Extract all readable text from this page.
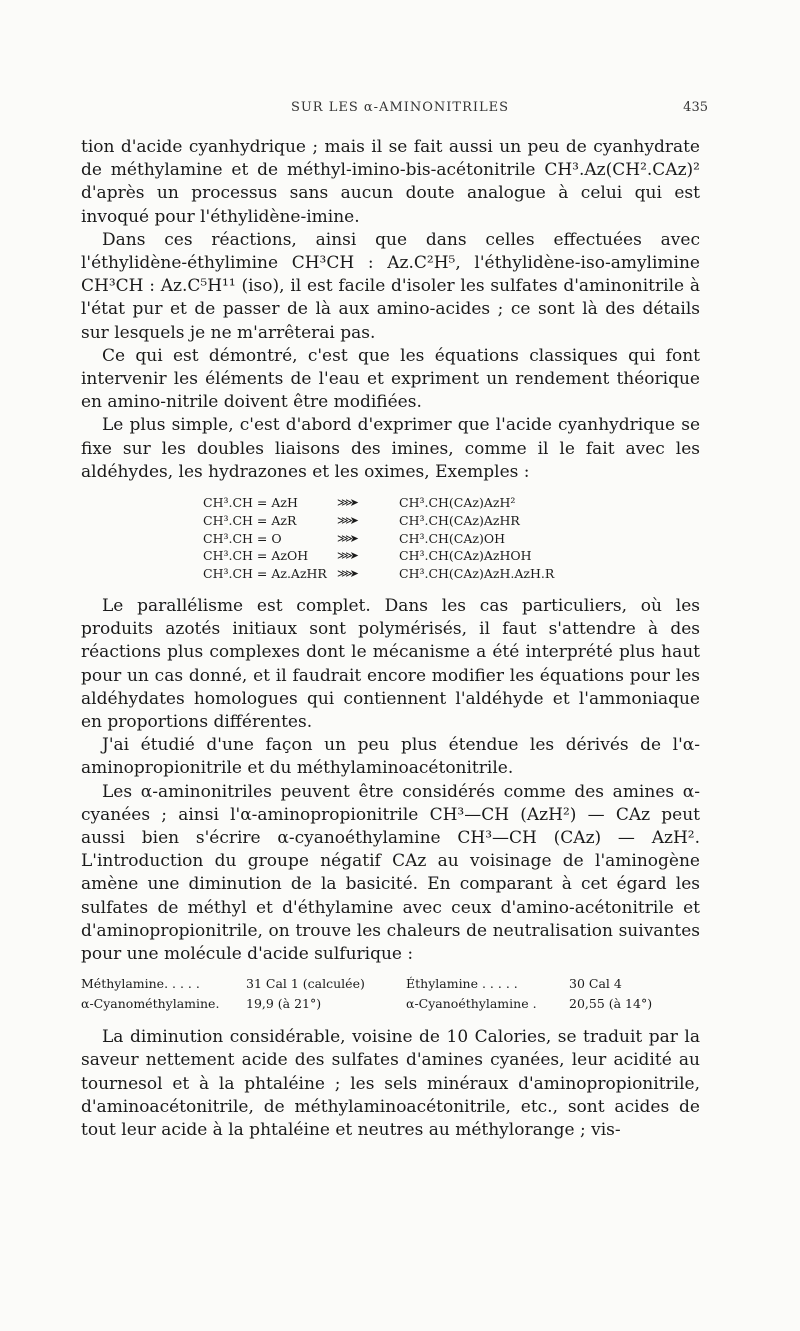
SUR LES α-AMINONITRILES	435

tion d'acide cyanhydrique ; mais il se fait aussi un peu de cyanhydrate de méthylamine et de méthyl-imino-bis-acétonitrile CH³.Az(CH².CAz)² d'après un processus sans aucun doute analogue à celui qui est invoqué pour l'éthylidène-imine.

Dans ces réactions, ainsi que dans celles effectuées avec l'éthylidène-éthylimine CH³CH : Az.C²H⁵, l'éthylidène-iso-amylimine CH³CH : Az.C⁵H¹¹ (iso), il est facile d'isoler les sulfates d'aminonitrile à l'état pur et de passer de là aux amino-acides ; ce sont là des détails sur lesquels je ne m'arrêterai pas.

Ce qui est démontré, c'est que les équations classiques qui font intervenir les éléments de l'eau et expriment un rendement théorique en amino-nitrile doivent être modifiées.

Le plus simple, c'est d'abord d'exprimer que l'acide cyanhydrique se fixe sur les doubles liaisons des imines, comme il le fait avec les aldéhydes, les hydrazones et les oximes, Exemples :

CH³.CH = AzH	⋙➤	CH³.CH(CAz)AzH²
CH³.CH = AzR	⋙➤	CH³.CH(CAz)AzHR
CH³.CH = O	⋙➤	CH³.CH(CAz)OH
CH³.CH = AzOH	⋙➤	CH³.CH(CAz)AzHOH
CH³.CH = Az.AzHR ⋙➤	CH³.CH(CAz)AzH.AzH.R

Le parallélisme est complet. Dans les cas particuliers, où les produits azotés initiaux sont polymérisés, il faut s'attendre à des réactions plus complexes dont le mécanisme a été interprété plus haut pour un cas donné, et il faudrait encore modifier les équations pour les aldéhydates homologues qui contiennent l'aldéhyde et l'ammoniaque en proportions différentes.

J'ai étudié d'une façon un peu plus étendue les dérivés de l'α-aminopropionitrile et du méthylaminoacétonitrile.

Les α-aminonitriles peuvent être considérés comme des amines α-cyanées ; ainsi l'α-aminopropionitrile CH³—CH (AzH²) — CAz peut aussi bien s'écrire α-cyanoéthylamine CH³—CH (CAz) — AzH². L'introduction du groupe négatif CAz au voisinage de l'aminogène amène une diminution de la basicité. En comparant à cet égard les sulfates de méthyl et d'éthylamine avec ceux d'amino-acétonitrile et d'aminopropionitrile, on trouve les chaleurs de neutralisation suivantes pour une molécule d'acide sulfurique :

Méthylamine. . . . .	31 Cal 1 (calculée)	Éthylamine . . . . .	30 Cal 4
α-Cyanométhylamine.	19,9 (à 21°)	α-Cyanoéthylamine .	20,55 (à 14°)

La diminution considérable, voisine de 10 Calories, se traduit par la saveur nettement acide des sulfates d'amines cyanées, leur acidité au tournesol et à la phtaléine ; les sels minéraux d'aminopropionitrile, d'aminoacétonitrile, de méthylaminoacétonitrile, etc., sont acides de tout leur acide à la phtaléine et neutres au méthylorange ; vis-
